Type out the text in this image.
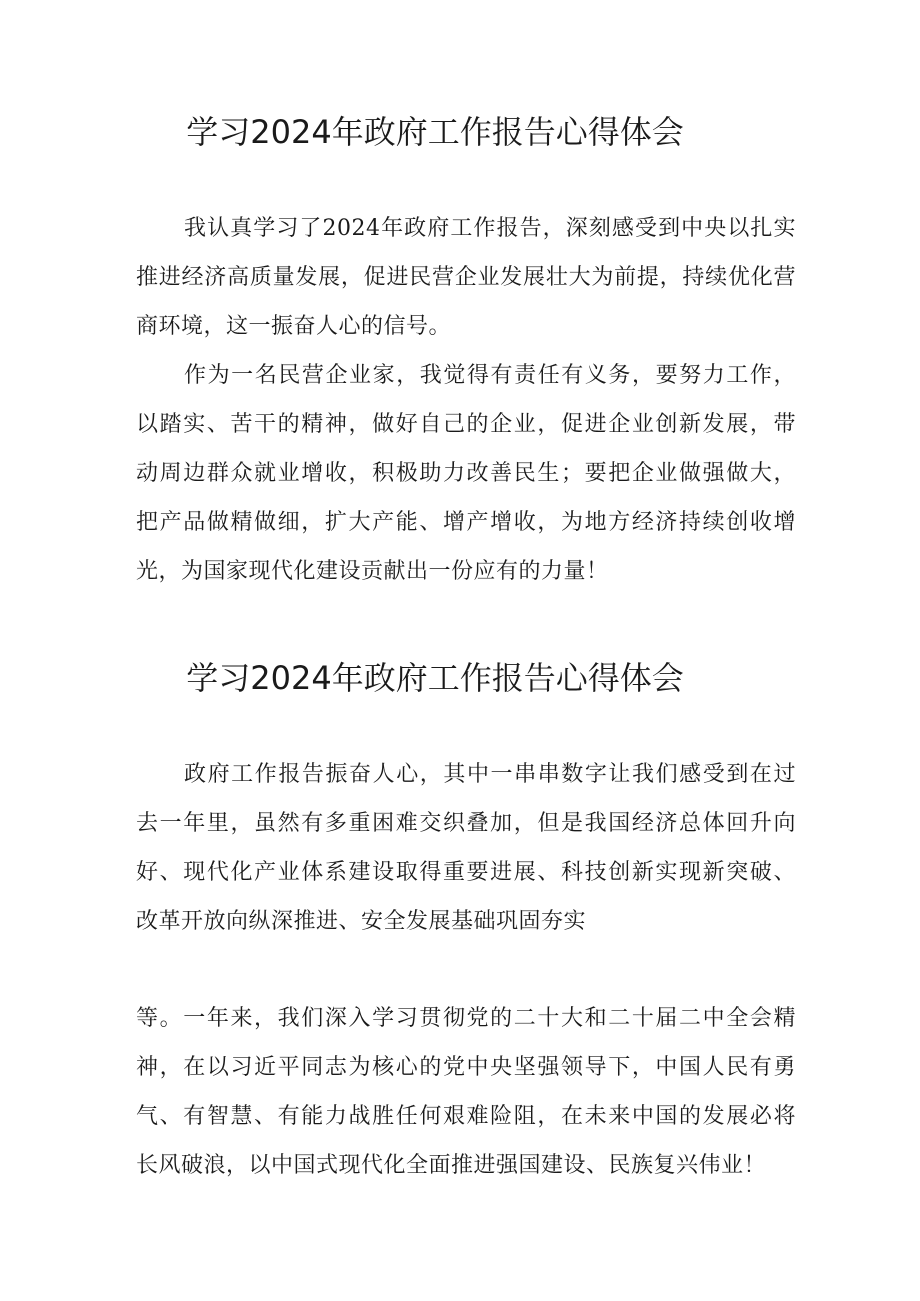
学习2024年政府工作报告心得体会
我认真学习了2024年政府工作报告，深刻感受到中央以扎实
推进经济高质量发展，促进民营企业发展壮大为前提，持续优化营
商环境，这一振奋人心的信号。
作为一名民营企业家，我觉得有责任有义务，要努力工作，
以踏实、苦干的精神，做好自己的企业，促进企业创新发展，带
动周边群众就业增收，积极助力改善民生；要把企业做强做大，
把产品做精做细，扩大产能、增产增收，为地方经济持续创收增
光，为国家现代化建设贡献出一份应有的力量！
学习2024年政府工作报告心得体会
政府工作报告振奋人心，其中一串串数字让我们感受到在过
去一年里，虽然有多重困难交织叠加，但是我国经济总体回升向
好、现代化产业体系建设取得重要进展、科技创新实现新突破、
改革开放向纵深推进、安全发展基础巩固夯实
等。一年来，我们深入学习贯彻党的二十大和二十届二中全会精
神，在以习近平同志为核心的党中央坚强领导下，中国人民有勇
气、有智慧、有能力战胜任何艰难险阻，在未来中国的发展必将
长风破浪，以中国式现代化全面推进强国建设、民族复兴伟业！
